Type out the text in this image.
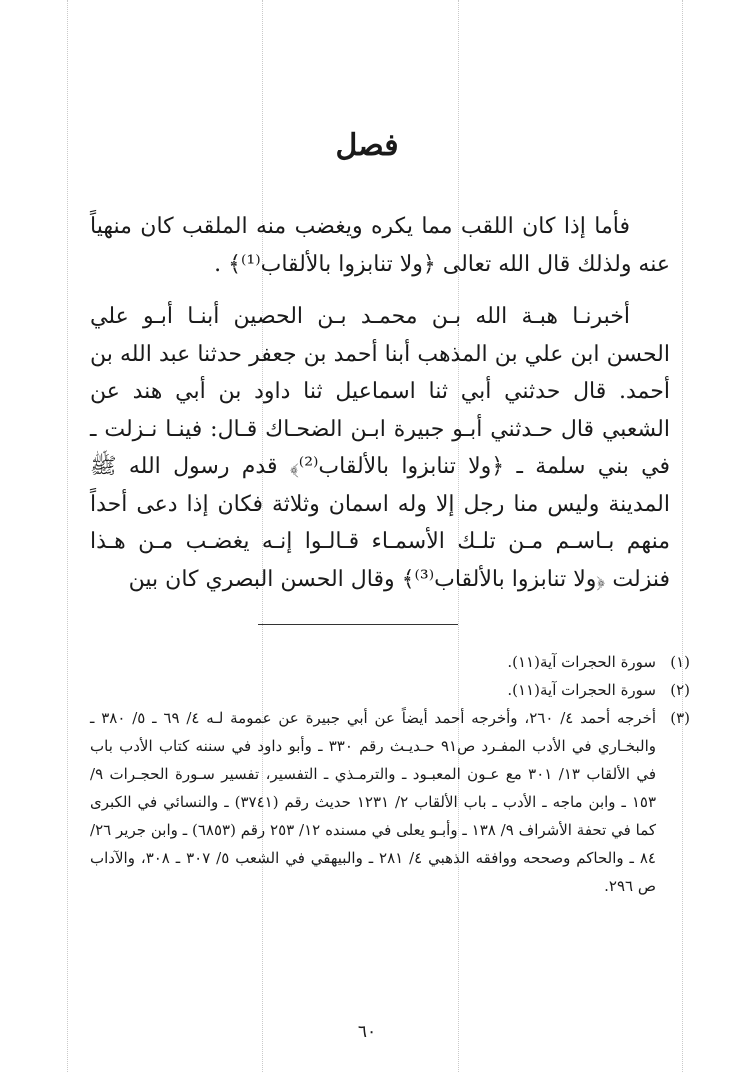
فصل

فأما إذا كان اللقب مما يكره ويغضب منه الملقب كان منهياً عنه ولذلك قال الله تعالى ﴿ولا تنابزوا بالألقاب⁽¹⁾﴾ .

أخبرنـا هبـة الله بـن محمـد بـن الحصين أبنـا أبـو علي الحسن ابن علي بن المذهب أبنا أحمد بن جعفر حدثنا عبد الله بن أحمد. قال حدثني أبي ثنا اسماعيل ثنا داود بن أبي هند عن الشعبي قال حـدثني أبـو جبيرة ابـن الضحـاك قـال: فينـا نـزلت ـ في بني سلمة ـ ﴿ولا تنابزوا بالألقاب⁽²⁾﴾ قدم رسول الله ﷺ المدينة وليس منا رجل إلا وله اسمان وثلاثة فكان إذا دعى أحداً منهم بـاسـم مـن تلـك الأسمـاء قـالـوا إنـه يغضـب مـن هـذا فنزلت ﴿ولا تنابزوا بالألقاب⁽³⁾﴾ وقال الحسن البصري كان بين

(١)
سورة الحجرات آية(١١).
(٢)
سورة الحجرات آية(١١).
(٣)
أخرجه أحمد ٤/ ٢٦٠، وأخرجه أحمد أيضاً عن أبي جبيرة عن عمومة لـه ٤/ ٦٩ ـ ٥/ ٣٨٠ ـ والبخـاري في الأدب المفـرد ص٩١ حـديـث رقم ٣٣٠ ـ وأبو داود في سننه كتاب الأدب باب في الألقاب ١٣/ ٣٠١ مع عـون المعبـود ـ والترمـذي ـ التفسير، تفسير سـورة الحجـرات ٩/ ١٥٣ ـ وابن ماجه ـ الأدب ـ باب الألقاب ٢/ ١٢٣١ حديث رقم (٣٧٤١) ـ والنسائي في الكبرى كما في تحفة الأشراف ٩/ ١٣٨ ـ وأبـو يعلى في مسنده ١٢/ ٢٥٣ رقم (٦٨٥٣) ـ وابن جرير ٢٦/ ٨٤ ـ والحاكم وصححه ووافقه الذهبي ٤/ ٢٨١ ـ والبيهقي في الشعب ٥/ ٣٠٧ ـ ٣٠٨، والآداب ص ٢٩٦.
٦٠
